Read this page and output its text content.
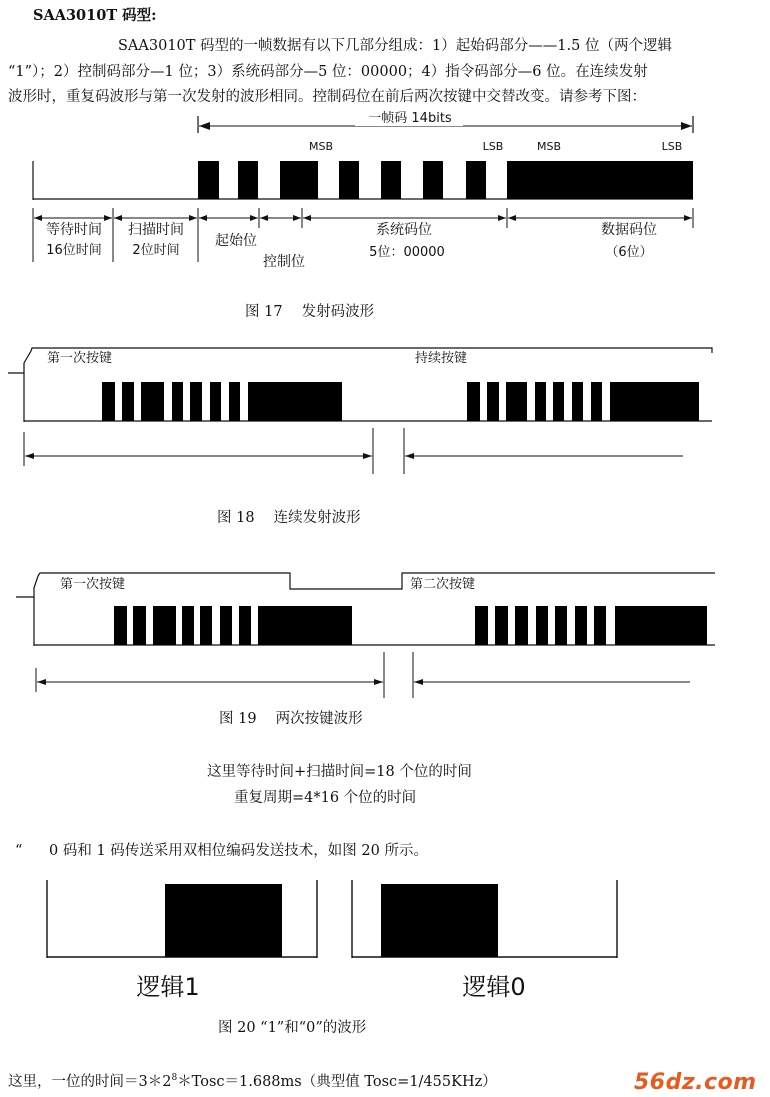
SAA3010T 码型:
SAA3010T 码型的一帧数据有以下几部分组成：1）起始码部分——1.5 位（两个逻辑
“1”）；2）控制码部分—1 位；3）系统码部分—5 位：00000；4）指令码部分—6 位。在连续发射
波形时，重复码波形与第一次发射的波形相同。控制码位在前后两次按键中交替改变。请参考下图：
一帧码 14bits
MSB	LSB	MSB	LSB
等待时间
16位时间
扫描时间
2位时间
起始位
控制位
系统码位
5位：00000
数据码位
（6位）
图 17　 发射码波形
第一次按键	持续按键
图 18　 连续发射波形
第一次按键	第二次按键
图 19　 两次按键波形
这里等待时间+扫描时间=18 个位的时间
重复周期=4*16 个位的时间
“ 0 码和 1 码传送采用双相位编码发送技术，如图 20 所示。
逻辑1	逻辑0
图 20 “1”和“0”的波形
这里，一位的时间$=3*2^8*Tosc=1.688ms$（典型值 Tosc=1/455KHz）	56dz.com
